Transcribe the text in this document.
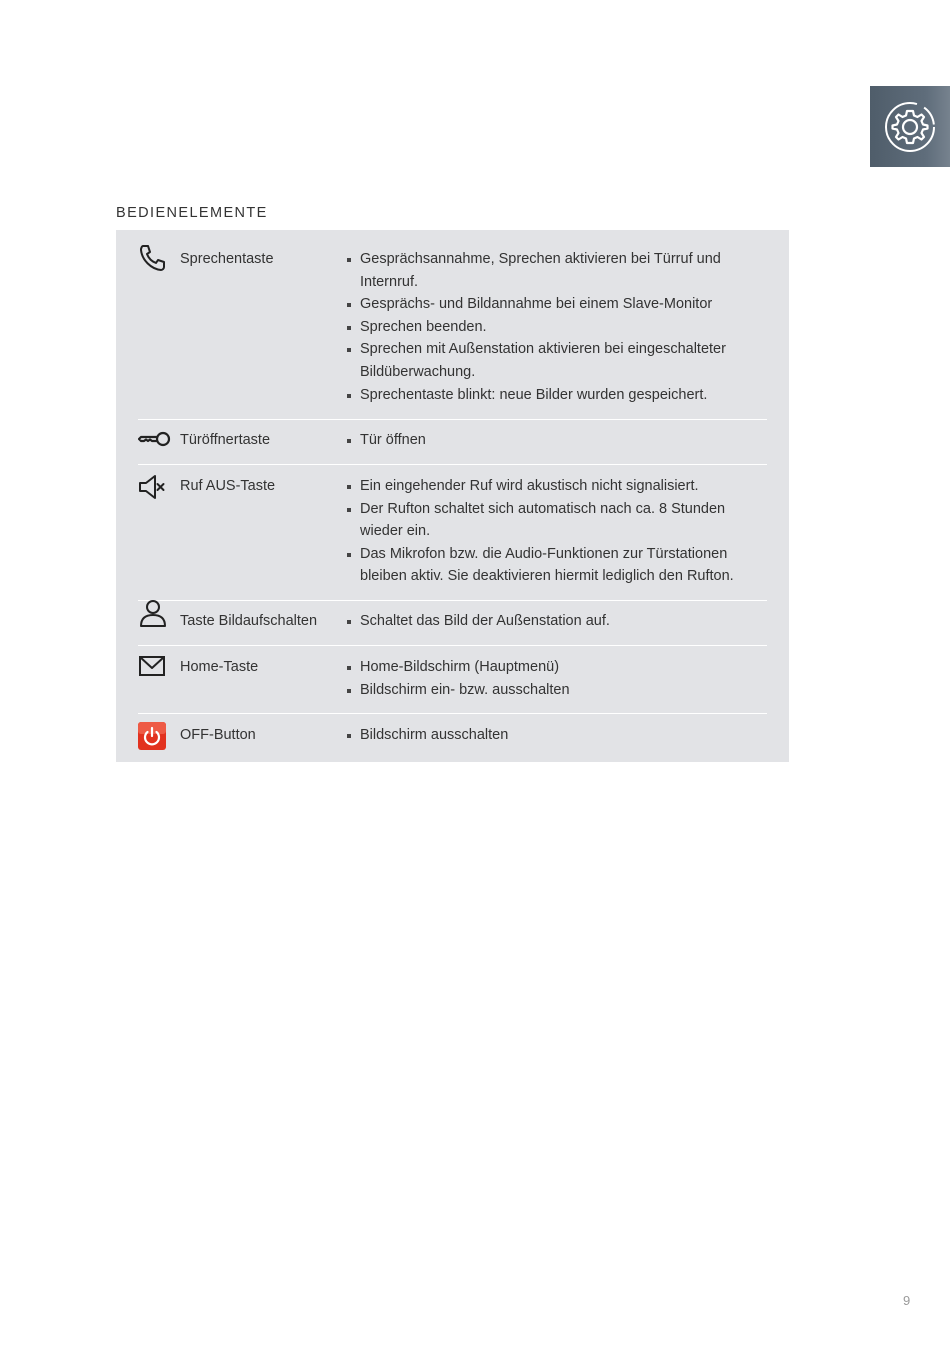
BEDIENELEMENTE
Sprechentaste	Gesprächsannahme, Sprechen aktivieren bei Türruf und Internruf.
Gesprächs- und Bildannahme bei einem Slave-Monitor
Sprechen beenden.
Sprechen mit Außenstation aktivieren bei eingeschalteter Bildüberwachung.
Sprechentaste blinkt: neue Bilder wurden gespeichert.
Türöffnertaste	Tür öffnen
Ruf AUS-Taste	Ein eingehender Ruf wird akustisch nicht signalisiert.
Der Rufton schaltet sich automatisch nach ca. 8 Stunden wieder ein.
Das Mikrofon bzw. die Audio-Funktionen zur Türstationen bleiben aktiv. Sie deaktivieren hiermit lediglich den Rufton.
Taste Bildaufschalten	Schaltet das Bild der Außenstation auf.
Home-Taste	Home-Bildschirm (Hauptmenü)
Bildschirm ein- bzw. ausschalten
OFF-Button	Bildschirm ausschalten
9
